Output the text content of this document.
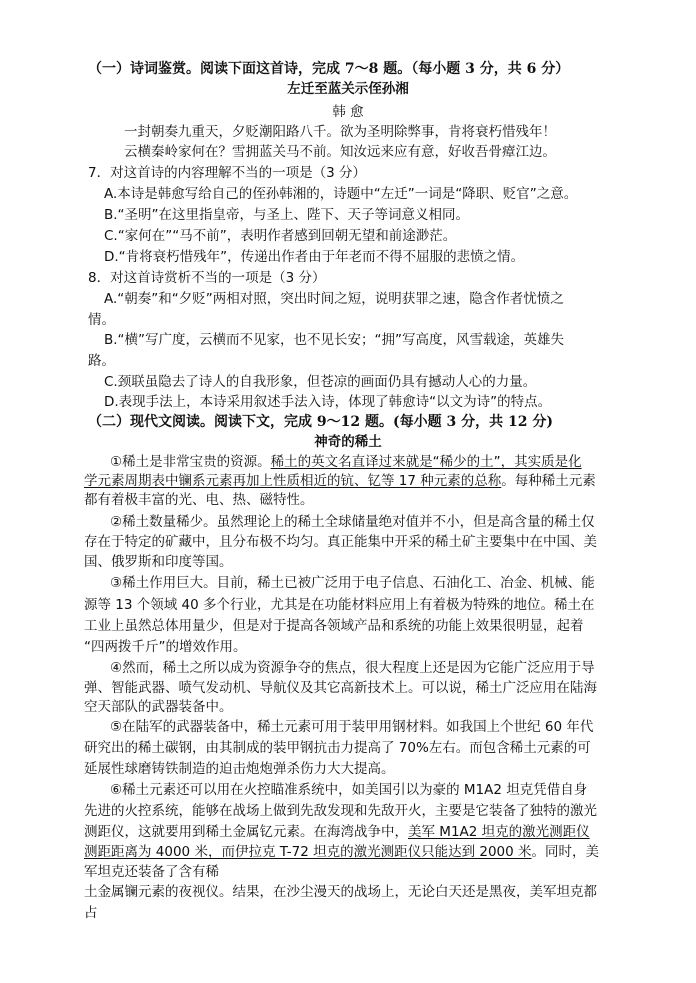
（一）诗词鉴赏。阅读下面这首诗，完成 7～8 题。（每小题 3 分，共 6 分）
左迁至蓝关示侄孙湘
韩 愈
一封朝奏九重天，夕贬潮阳路八千。欲为圣明除弊事，肯将衰朽惜残年！
云横秦岭家何在？雪拥蓝关马不前。知汝远来应有意，好收吾骨瘴江边。
7．对这首诗的内容理解不当的一项是（3 分）
A.本诗是韩愈写给自己的侄孙韩湘的，诗题中“左迁”一词是“降职、贬官”之意。
B.“圣明”在这里指皇帝，与圣上、陛下、天子等词意义相同。
C.“家何在”“马不前”，表明作者感到回朝无望和前途渺茫。
D.“肯将衰朽惜残年”，传递出作者由于年老而不得不屈服的悲愤之情。
8．对这首诗赏析不当的一项是（3 分）
A.“朝奏”和“夕贬”两相对照，突出时间之短，说明获罪之速，隐含作者忧愤之
情。
B.“横”写广度，云横而不见家，也不见长安；“拥”写高度，风雪载途，英雄失
路。
C.颈联虽隐去了诗人的自我形象，但苍凉的画面仍具有撼动人心的力量。
D.表现手法上，本诗采用叙述手法入诗，体现了韩愈诗“以文为诗”的特点。
（二）现代文阅读。阅读下文，完成 9～12 题。(每小题 3 分，共 12 分)
神奇的稀土
①稀土是非常宝贵的资源。稀土的英文名直译过来就是“稀少的土”，其实质是化
学元素周期表中镧系元素再加上性质相近的钪、钇等 17 种元素的总称。每种稀土元素
都有着极丰富的光、电、热、磁特性。
②稀土数量稀少。虽然理论上的稀土全球储量绝对值并不小，但是高含量的稀土仅
存在于特定的矿藏中，且分布极不均匀。真正能集中开采的稀土矿主要集中在中国、美
国、俄罗斯和印度等国。
③稀土作用巨大。目前，稀土已被广泛用于电子信息、石油化工、冶金、机械、能
源等 13 个领域 40 多个行业，尤其是在功能材料应用上有着极为特殊的地位。稀土在
工业上虽然总体用量少，但是对于提高各领域产品和系统的功能上效果很明显，起着
“四两拨千斤”的增效作用。
④然而，稀土之所以成为资源争夺的焦点，很大程度上还是因为它能广泛应用于导
弹、智能武器、喷气发动机、导航仪及其它高新技术上。可以说，稀土广泛应用在陆海
空天部队的武器装备中。
⑤在陆军的武器装备中，稀土元素可用于装甲用钢材料。如我国上个世纪 60 年代
研究出的稀土碳钢，由其制成的装甲钢抗击力提高了 70%左右。而包含稀土元素的可
延展性球磨铸铁制造的迫击炮炮弹杀伤力大大提高。
⑥稀土元素还可以用在火控瞄准系统中，如美国引以为豪的 M1A2 坦克凭借自身
先进的火控系统，能够在战场上做到先敌发现和先敌开火，主要是它装备了独特的激光
测距仪，这就要用到稀土金属钇元素。在海湾战争中，美军 M1A2 坦克的激光测距仪
测距距离为 4000 米，而伊拉克 T-72 坦克的激光测距仪只能达到 2000 米。同时，美
军坦克还装备了含有稀
土金属镧元素的夜视仪。结果，在沙尘漫天的战场上，无论白天还是黑夜，美军坦克都
占
